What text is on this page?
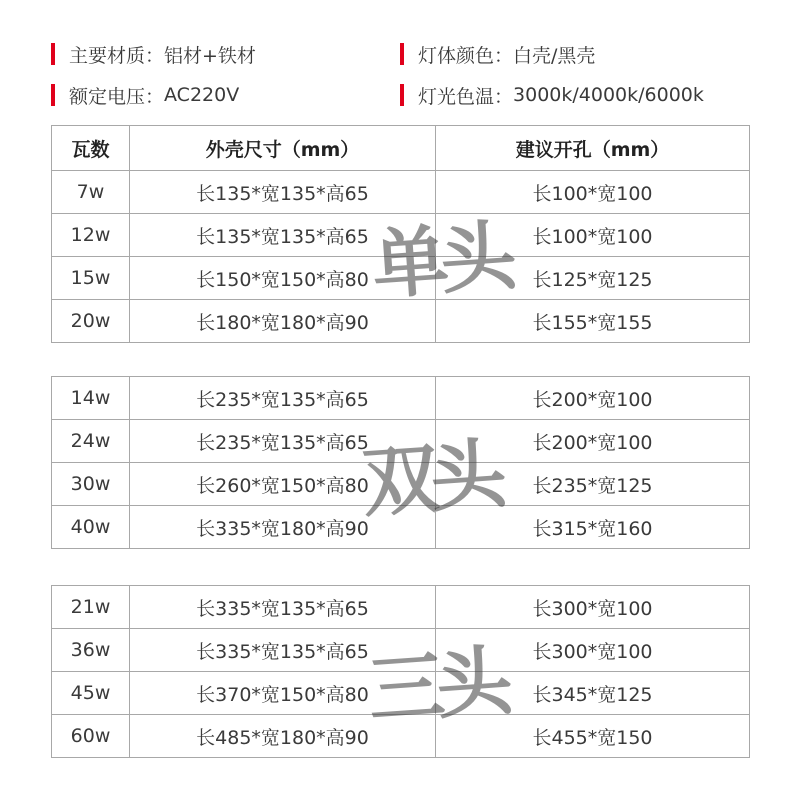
主要材质： 铝材+铁材	灯体颜色： 白壳/黑壳
额定电压： AC220V	灯光色温： 3000k/4000k/6000k
瓦数	外壳尺寸（mm）	建议开孔（mm）
7w	长135*宽135*高65	长100*宽100
12w	长135*宽135*高65	长100*宽100
15w	长150*宽150*高80	长125*宽125
20w	长180*宽180*高90	长155*宽155
14w	长235*宽135*高65	长200*宽100
24w	长235*宽135*高65	长200*宽100
30w	长260*宽150*高80	长235*宽125
40w	长335*宽180*高90	长315*宽160
21w	长335*宽135*高65	长300*宽100
36w	长335*宽135*高65	长300*宽100
45w	长370*宽150*高80	长345*宽125
60w	长485*宽180*高90	长455*宽150
单头
双头
三头
